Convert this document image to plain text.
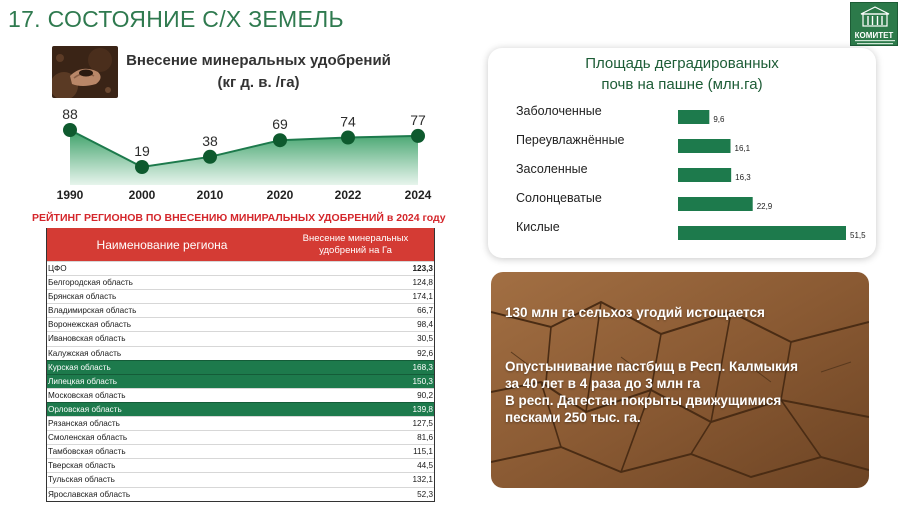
17. СОСТОЯНИЕ С/Х ЗЕМЕЛЬ
КОМИТЕТ
Внесение минеральных удобрений
(кг д. в. /га)
88
1990
19
2000
38
2010
69
2020
74
2022
77
2024
РЕЙТИНГ РЕГИОНОВ ПО ВНЕСЕНИЮ МИНИРАЛЬНЫХ УДОБРЕНИЙ в 2024 году
Наименование региона	Внесение минеральных удобрений на Га
ЦФО	123,3
Белгородская область	124,8
Брянская область	174,1
Владимирская область	66,7
Воронежская область	98,4
Ивановская область	30,5
Калужская область	92,6
Курская область	168,3
Липецкая область	150,3
Московская область	90,2
Орловская область	139,8
Рязанская область	127,5
Смоленская область	81,6
Тамбовская область	115,1
Тверская область	44,5
Тульская область	132,1
Ярославская область	52,3
Заболоченные
9,6
Переувлажнённые
16,1
Засоленные
16,3
Солонцеватые
22,9
Кислые
51,5
Площадь деградированных
почв на пашне (млн.га)
130 млн га сельхоз угодий истощается
Опустынивание пастбищ в Респ. Калмыкия
за 40 лет в 4 раза до 3 млн га
В респ. Дагестан покрыты движущимися
песками 250 тыс. га.
